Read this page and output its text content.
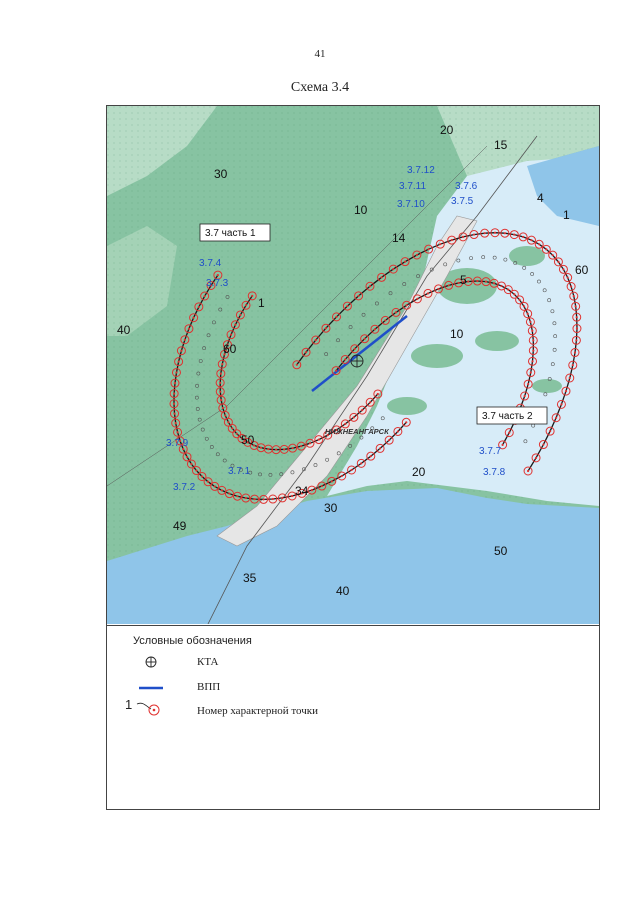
41
Схема 3.4
3.7 часть 1
3.7 часть 2
НИЖНЕАНГАРСК
3.7.4
3.7.3
3.7.9
3.7.1
3.7.2
3.7.12
3.7.11	3.7.6
3.7.10	3.7.5
3.7.7
3.7.8
20
15
30
10
14
4
1
5
60
1
40
60
10
50
49
20
34
30
50
35
40
Условные обозначения
КТА
ВПП
1	Номер характерной точки
